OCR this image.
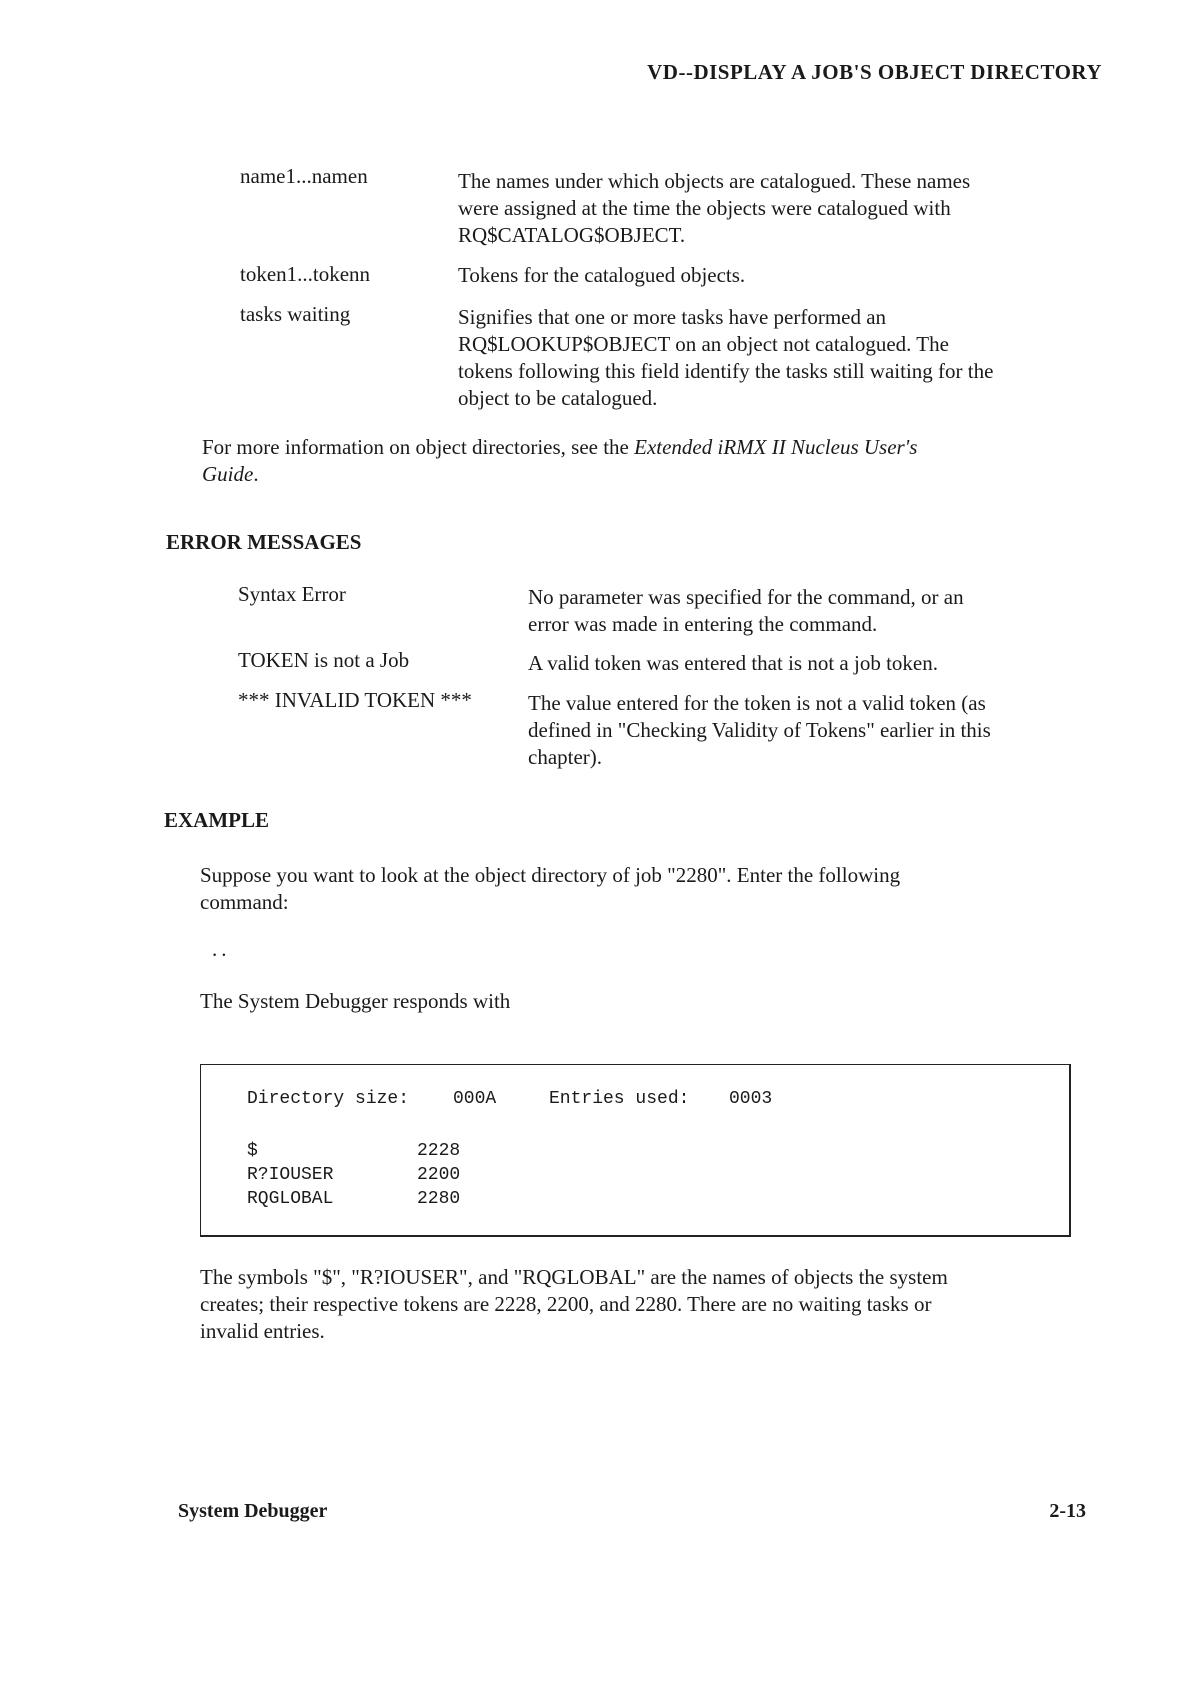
VD--DISPLAY A JOB'S OBJECT DIRECTORY
name1...namen	The names under which objects are catalogued. These names
were assigned at the time the objects were catalogued with
RQ$CATALOG$OBJECT.
token1...tokenn	Tokens for the catalogued objects.
tasks waiting	Signifies that one or more tasks have performed an
RQ$LOOKUP$OBJECT on an object not catalogued. The
tokens following this field identify the tasks still waiting for the
object to be catalogued.
For more information on object directories, see the Extended iRMX II Nucleus User's
Guide.
ERROR MESSAGES
Syntax Error	No parameter was specified for the command, or an
error was made in entering the command.
TOKEN is not a Job	A valid token was entered that is not a job token.
*** INVALID TOKEN ***	The value entered for the token is not a valid token (as
defined in "Checking Validity of Tokens" earlier in this
chapter).
EXAMPLE
Suppose you want to look at the object directory of job "2280". Enter the following
command:
..
The System Debugger responds with
Directory size: 000A	Entries used: 0003
$	2228
R?IOUSER	2200
RQGLOBAL	2280
The symbols "$", "R?IOUSER", and "RQGLOBAL" are the names of objects the system
creates; their respective tokens are 2228, 2200, and 2280. There are no waiting tasks or
invalid entries.
System Debugger	2-13
